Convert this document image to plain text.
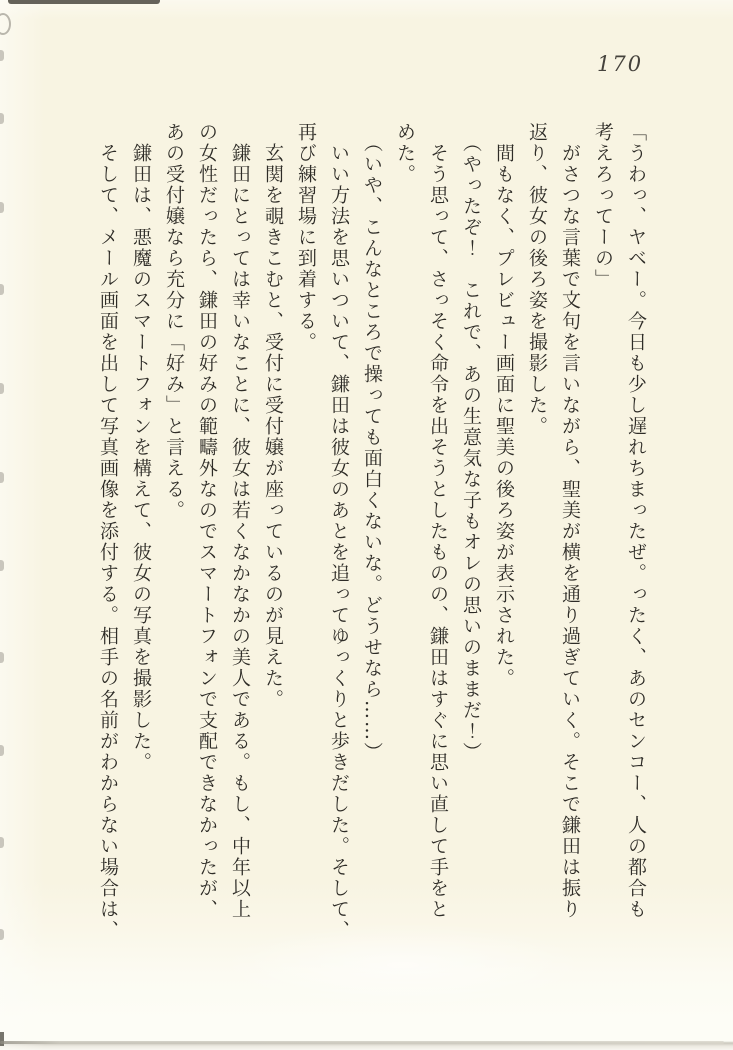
170
「うわっ、ヤベー。今日も少し遅れちまったぜ。ったく、あのセンコー、人の都合も
考えろってーの」
がさつな言葉で文句を言いながら、聖美が横を通り過ぎていく。そこで鎌田は振り
返り、彼女の後ろ姿を撮影した。
間もなく、プレビュー画面に聖美の後ろ姿が表示された。
（やったぞ！　これで、あの生意気な子もオレの思いのままだ！）
そう思って、さっそく命令を出そうとしたものの、鎌田はすぐに思い直して手をと
めた。
（いや、こんなところで操っても面白くないな。どうせなら……）
いい方法を思いついて、鎌田は彼女のあとを追ってゆっくりと歩きだした。そして、
再び練習場に到着する。
玄関を覗きこむと、受付に受付嬢が座っているのが見えた。
鎌田にとっては幸いなことに、彼女は若くなかなかの美人である。もし、中年以上
の女性だったら、鎌田の好みの範疇外なのでスマートフォンで支配できなかったが、
あの受付嬢なら充分に「好み」と言える。
鎌田は、悪魔のスマートフォンを構えて、彼女の写真を撮影した。
そして、メール画面を出して写真画像を添付する。相手の名前がわからない場合は、
